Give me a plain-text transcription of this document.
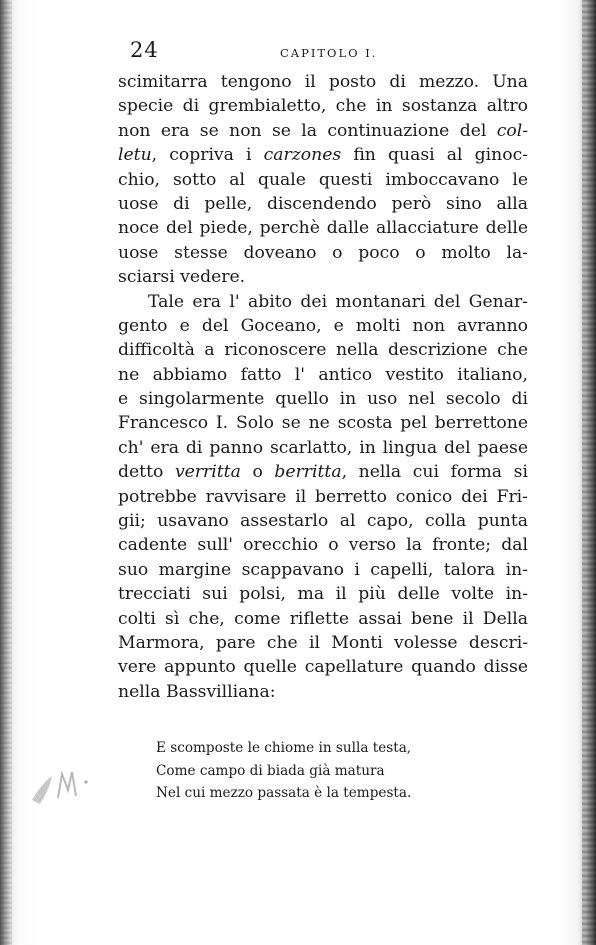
24	CAPITOLO I.
scimitarra tengono il posto di mezzo. Una
specie di grembialetto, che in sostanza altro
non era se non se la continuazione del col-
letu, copriva i carzones fin quasi al ginoc-
chio, sotto al quale questi imboccavano le
uose di pelle, discendendo però sino alla
noce del piede, perchè dalle allacciature delle
uose stesse doveano o poco o molto la-
sciarsi vedere.
Tale era l' abito dei montanari del Genar-
gento e del Goceano, e molti non avranno
difficoltà a riconoscere nella descrizione che
ne abbiamo fatto l' antico vestito italiano,
e singolarmente quello in uso nel secolo di
Francesco I. Solo se ne scosta pel berrettone
ch' era di panno scarlatto, in lingua del paese
detto verritta o berritta, nella cui forma si
potrebbe ravvisare il berretto conico dei Fri-
gii; usavano assestarlo al capo, colla punta
cadente sull' orecchio o verso la fronte; dal
suo margine scappavano i capelli, talora in-
trecciati sui polsi, ma il più delle volte in-
colti sì che, come riflette assai bene il Della
Marmora, pare che il Monti volesse descri-
vere appunto quelle capellature quando disse
nella Bassvilliana:
E scomposte le chiome in sulla testa,
Come campo di biada già matura
Nel cui mezzo passata è la tempesta.
